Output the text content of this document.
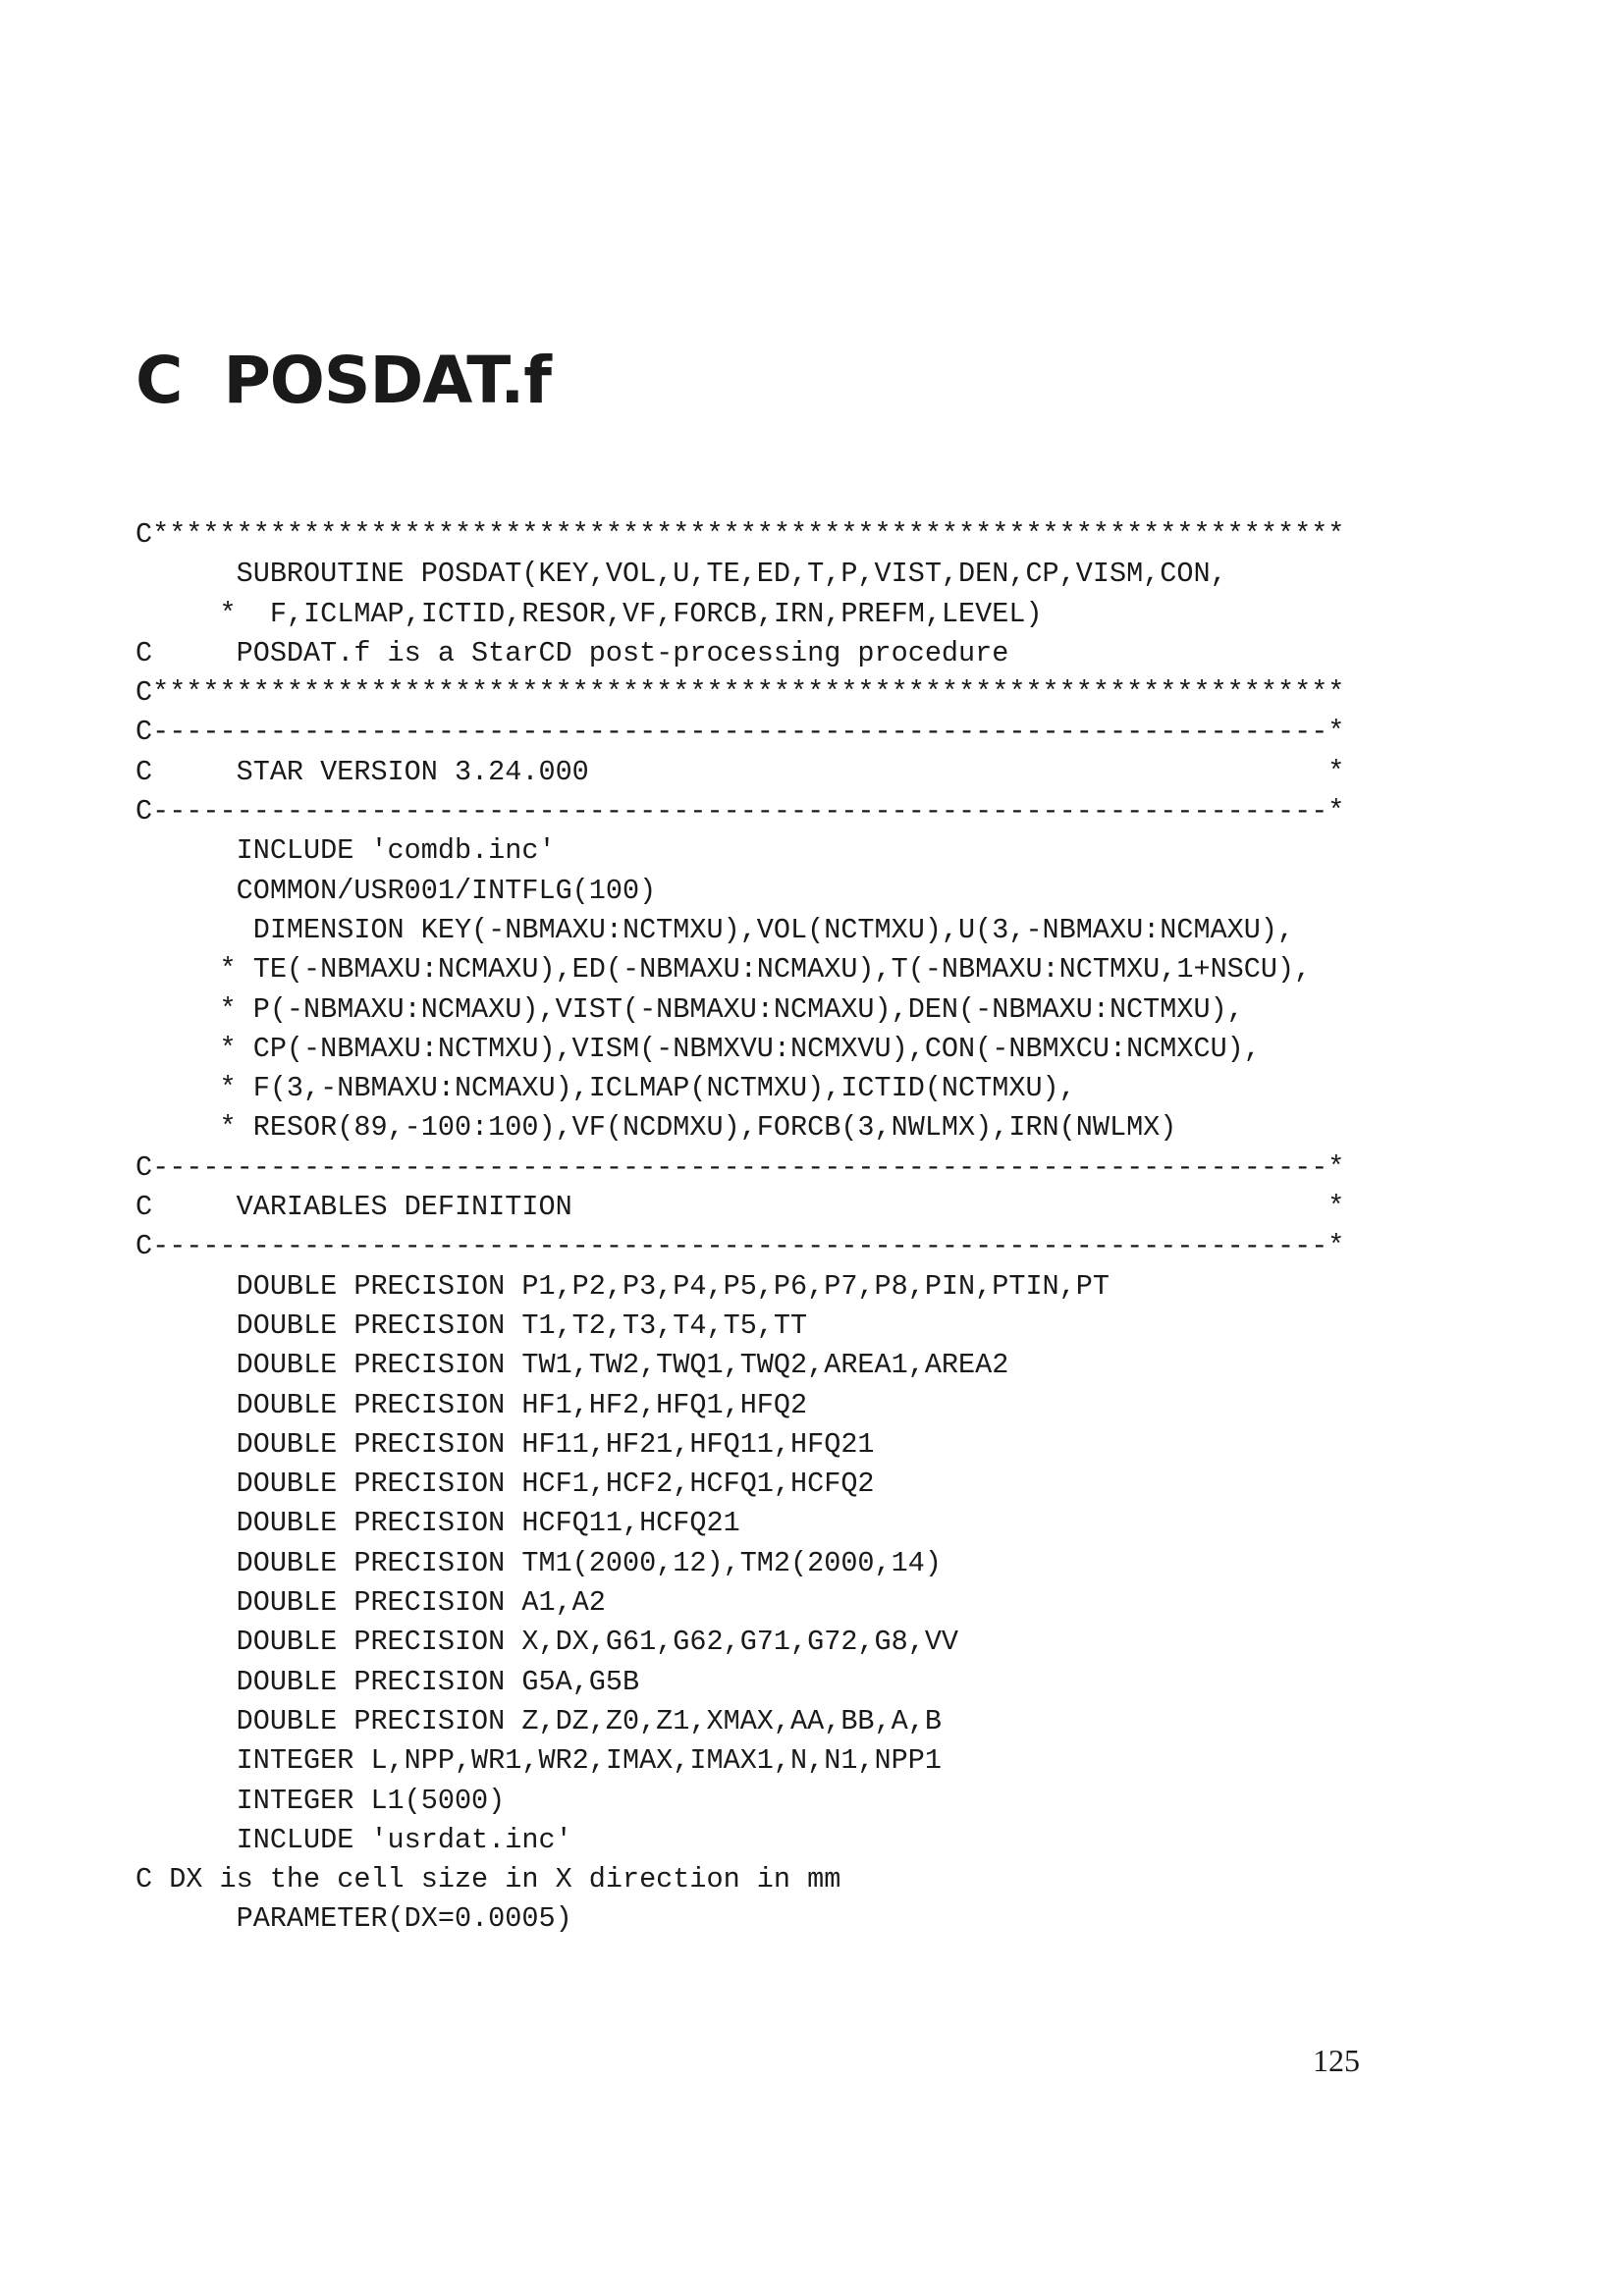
C POSDAT.f
C***********************************************************************
SUBROUTINE POSDAT(KEY,VOL,U,TE,ED,T,P,VIST,DEN,CP,VISM,CON,
*  F,ICLMAP,ICTID,RESOR,VF,FORCB,IRN,PREFM,LEVEL)
C     POSDAT.f is a StarCD post-processing procedure
C***********************************************************************
C----------------------------------------------------------------------*
C     STAR VERSION 3.24.000                                            *
C----------------------------------------------------------------------*
INCLUDE 'comdb.inc'
COMMON/USR001/INTFLG(100)
DIMENSION KEY(-NBMAXU:NCTMXU),VOL(NCTMXU),U(3,-NBMAXU:NCMAXU),
* TE(-NBMAXU:NCMAXU),ED(-NBMAXU:NCMAXU),T(-NBMAXU:NCTMXU,1+NSCU),
* P(-NBMAXU:NCMAXU),VIST(-NBMAXU:NCMAXU),DEN(-NBMAXU:NCTMXU),
* CP(-NBMAXU:NCTMXU),VISM(-NBMXVU:NCMXVU),CON(-NBMXCU:NCMXCU),
* F(3,-NBMAXU:NCMAXU),ICLMAP(NCTMXU),ICTID(NCTMXU),
* RESOR(89,-100:100),VF(NCDMXU),FORCB(3,NWLMX),IRN(NWLMX)
C----------------------------------------------------------------------*
C     VARIABLES DEFINITION                                             *
C----------------------------------------------------------------------*
DOUBLE PRECISION P1,P2,P3,P4,P5,P6,P7,P8,PIN,PTIN,PT
DOUBLE PRECISION T1,T2,T3,T4,T5,TT
DOUBLE PRECISION TW1,TW2,TWQ1,TWQ2,AREA1,AREA2
DOUBLE PRECISION HF1,HF2,HFQ1,HFQ2
DOUBLE PRECISION HF11,HF21,HFQ11,HFQ21
DOUBLE PRECISION HCF1,HCF2,HCFQ1,HCFQ2
DOUBLE PRECISION HCFQ11,HCFQ21
DOUBLE PRECISION TM1(2000,12),TM2(2000,14)
DOUBLE PRECISION A1,A2
DOUBLE PRECISION X,DX,G61,G62,G71,G72,G8,VV
DOUBLE PRECISION G5A,G5B
DOUBLE PRECISION Z,DZ,Z0,Z1,XMAX,AA,BB,A,B
INTEGER L,NPP,WR1,WR2,IMAX,IMAX1,N,N1,NPP1
INTEGER L1(5000)
INCLUDE 'usrdat.inc'
C DX is the cell size in X direction in mm
PARAMETER(DX=0.0005)
125
